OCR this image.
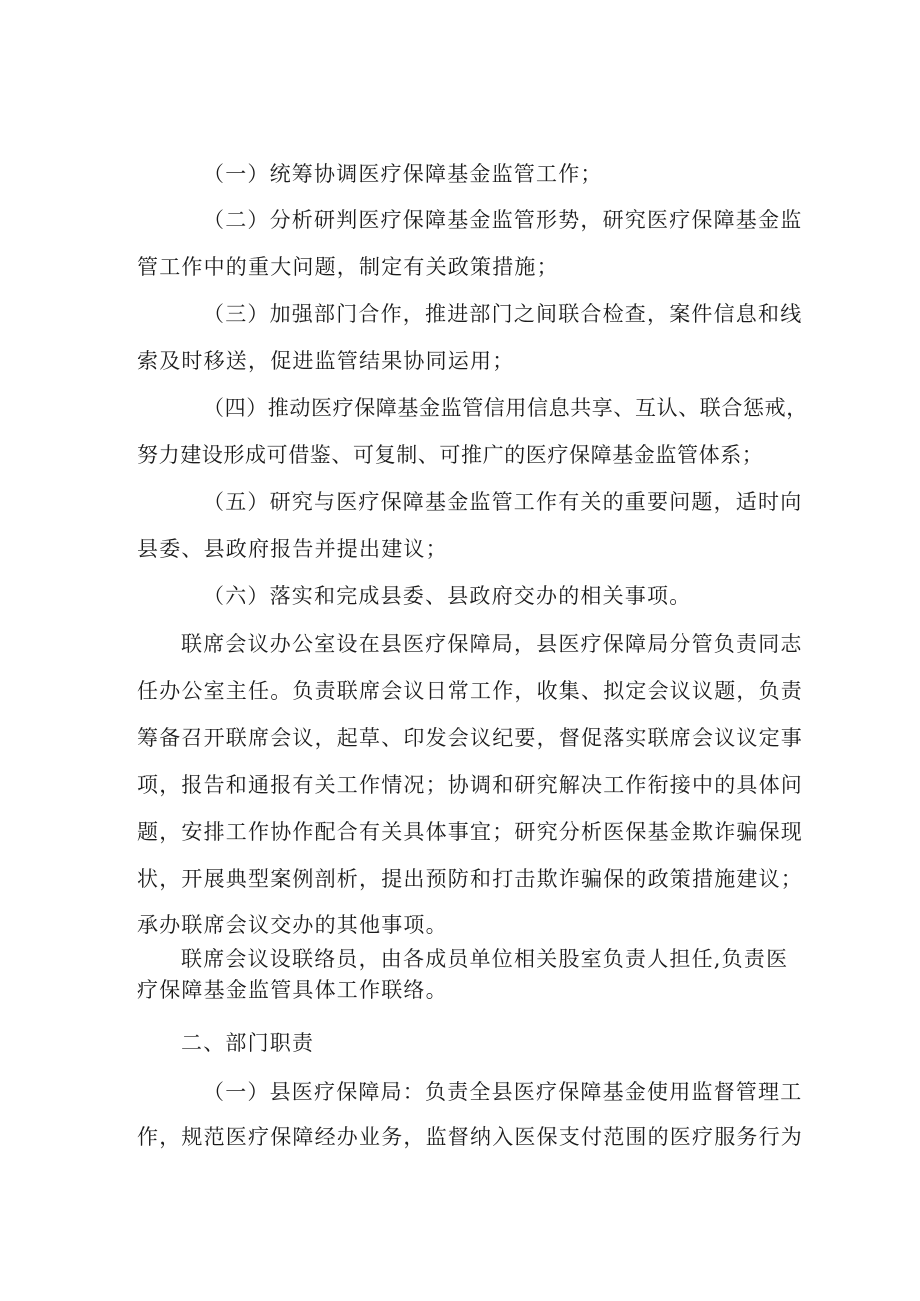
（一）统筹协调医疗保障基金监管工作；
（二）分析研判医疗保障基金监管形势，研究医疗保障基金监
管工作中的重大问题，制定有关政策措施；
（三）加强部门合作，推进部门之间联合检查，案件信息和线
索及时移送，促进监管结果协同运用；
（四）推动医疗保障基金监管信用信息共享、互认、联合惩戒，
努力建设形成可借鉴、可复制、可推广的医疗保障基金监管体系；
（五）研究与医疗保障基金监管工作有关的重要问题，适时向
县委、县政府报告并提出建议；
（六）落实和完成县委、县政府交办的相关事项。
联席会议办公室设在县医疗保障局，县医疗保障局分管负责同志
任办公室主任。负责联席会议日常工作，收集、拟定会议议题，负责
筹备召开联席会议，起草、印发会议纪要，督促落实联席会议议定事
项，报告和通报有关工作情况；协调和研究解决工作衔接中的具体问
题，安排工作协作配合有关具体事宜；研究分析医保基金欺诈骗保现
状，开展典型案例剖析，提出预防和打击欺诈骗保的政策措施建议；
承办联席会议交办的其他事项。
联席会议设联络员，由各成员单位相关股室负责人担任,负责医
疗保障基金监管具体工作联络。
二、部门职责
（一）县医疗保障局：负责全县医疗保障基金使用监督管理工
作，规范医疗保障经办业务，监督纳入医保支付范围的医疗服务行为
